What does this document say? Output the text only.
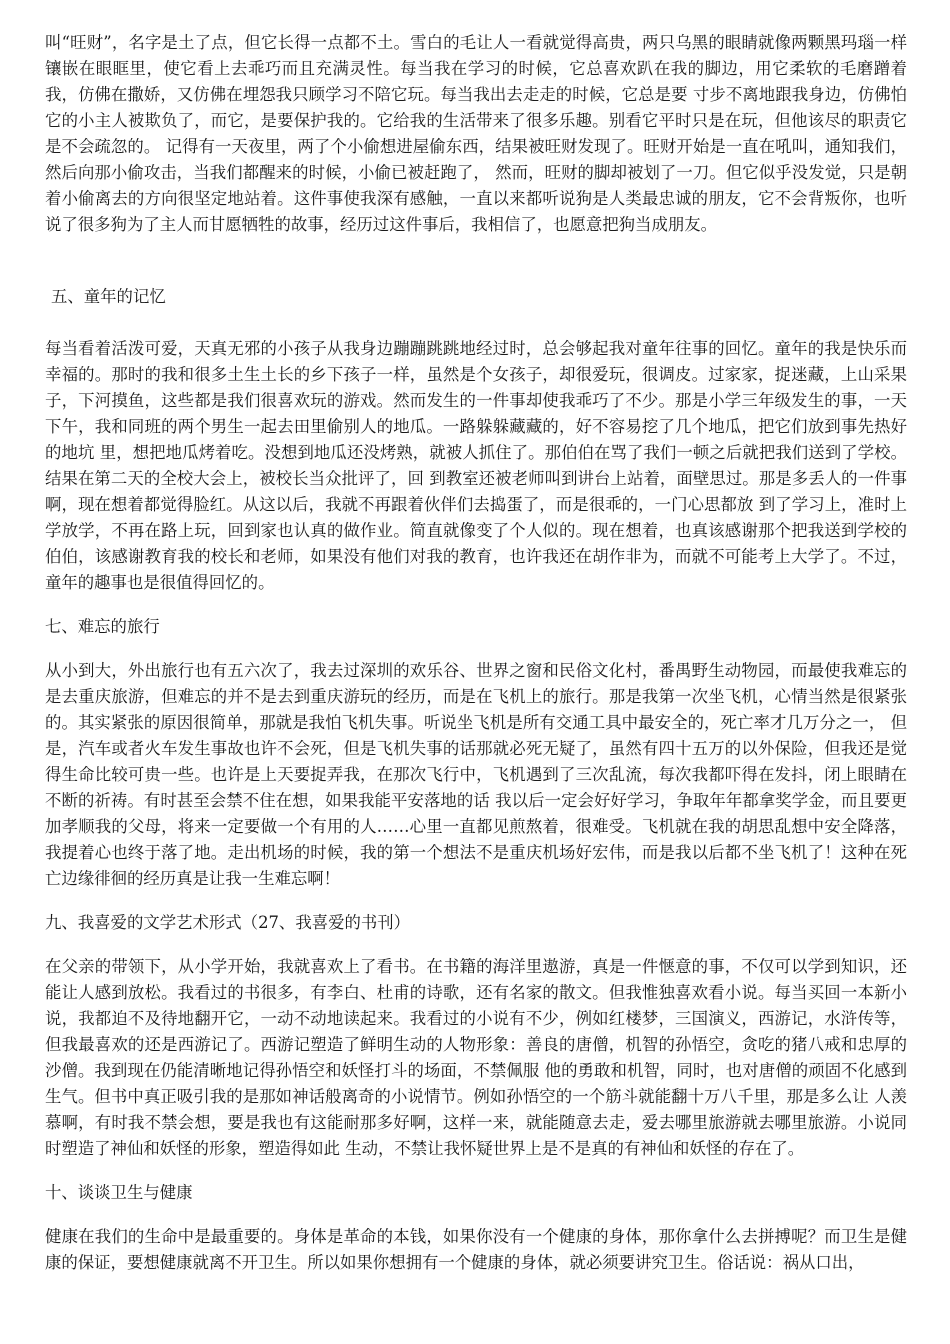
叫“旺财”，名字是土了点，但它长得一点都不土。雪白的毛让人一看就觉得高贵，两只乌黑的眼睛就像两颗黑玛瑙一样镶嵌在眼眶里，使它看上去乖巧而且充满灵性。每当我在学习的时候，它总喜欢趴在我的脚边，用它柔软的毛磨蹭着我，仿佛在撒娇，又仿佛在埋怨我只顾学习不陪它玩。每当我出去走走的时候，它总是要 寸步不离地跟我身边，仿佛怕它的小主人被欺负了，而它，是要保护我的。它给我的生活带来了很多乐趣。别看它平时只是在玩，但他该尽的职责它是不会疏忽的。 记得有一天夜里，两了个小偷想进屋偷东西，结果被旺财发现了。旺财开始是一直在吼叫，通知我们，然后向那小偷攻击，当我们都醒来的时候，小偷已被赶跑了， 然而，旺财的脚却被划了一刀。但它似乎没发觉，只是朝着小偷离去的方向很坚定地站着。这件事使我深有感触，一直以来都听说狗是人类最忠诚的朋友，它不会背叛你，也听说了很多狗为了主人而甘愿牺牲的故事，经历过这件事后，我相信了，也愿意把狗当成朋友。

五、童年的记忆

每当看着活泼可爱，天真无邪的小孩子从我身边蹦蹦跳跳地经过时，总会够起我对童年往事的回忆。童年的我是快乐而幸福的。那时的我和很多土生土长的乡下孩子一样，虽然是个女孩子，却很爱玩，很调皮。过家家，捉迷藏，上山采果子，下河摸鱼，这些都是我们很喜欢玩的游戏。然而发生的一件事却使我乖巧了不少。那是小学三年级发生的事，一天下午，我和同班的两个男生一起去田里偷别人的地瓜。一路躲躲藏藏的，好不容易挖了几个地瓜，把它们放到事先热好的地坑 里，想把地瓜烤着吃。没想到地瓜还没烤熟，就被人抓住了。那伯伯在骂了我们一顿之后就把我们送到了学校。结果在第二天的全校大会上，被校长当众批评了，回 到教室还被老师叫到讲台上站着，面壁思过。那是多丢人的一件事啊，现在想着都觉得脸红。从这以后，我就不再跟着伙伴们去捣蛋了，而是很乖的，一门心思都放 到了学习上，准时上学放学，不再在路上玩，回到家也认真的做作业。简直就像变了个人似的。现在想着，也真该感谢那个把我送到学校的伯伯，该感谢教育我的校长和老师，如果没有他们对我的教育，也许我还在胡作非为，而就不可能考上大学了。不过，童年的趣事也是很值得回忆的。

七、难忘的旅行

从小到大，外出旅行也有五六次了，我去过深圳的欢乐谷、世界之窗和民俗文化村，番禺野生动物园，而最使我难忘的是去重庆旅游，但难忘的并不是去到重庆游玩的经历，而是在飞机上的旅行。那是我第一次坐飞机，心情当然是很紧张的。其实紧张的原因很简单，那就是我怕飞机失事。听说坐飞机是所有交通工具中最安全的，死亡率才几万分之一， 但是，汽车或者火车发生事故也许不会死，但是飞机失事的话那就必死无疑了，虽然有四十五万的以外保险，但我还是觉得生命比较可贵一些。也许是上天要捉弄我，在那次飞行中，飞机遇到了三次乱流，每次我都吓得在发抖，闭上眼睛在不断的祈祷。有时甚至会禁不住在想，如果我能平安落地的话 我以后一定会好好学习，争取年年都拿奖学金，而且要更加孝顺我的父母，将来一定要做一个有用的人……心里一直都见煎熬着，很难受。飞机就在我的胡思乱想中安全降落，我提着心也终于落了地。走出机场的时候，我的第一个想法不是重庆机场好宏伟，而是我以后都不坐飞机了！这种在死亡边缘徘徊的经历真是让我一生难忘啊！

九、我喜爱的文学艺术形式（27、我喜爱的书刊）

在父亲的带领下，从小学开始，我就喜欢上了看书。在书籍的海洋里遨游，真是一件惬意的事，不仅可以学到知识，还能让人感到放松。我看过的书很多，有李白、杜甫的诗歌，还有名家的散文。但我惟独喜欢看小说。每当买回一本新小说，我都迫不及待地翻开它，一动不动地读起来。我看过的小说有不少，例如红楼梦，三国演义，西游记，水浒传等，但我最喜欢的还是西游记了。西游记塑造了鲜明生动的人物形象：善良的唐僧，机智的孙悟空，贪吃的猪八戒和忠厚的沙僧。我到现在仍能清晰地记得孙悟空和妖怪打斗的场面，不禁佩服 他的勇敢和机智，同时，也对唐僧的顽固不化感到生气。但书中真正吸引我的是那如神话般离奇的小说情节。例如孙悟空的一个筋斗就能翻十万八千里，那是多么让 人羡慕啊，有时我不禁会想，要是我也有这能耐那多好啊，这样一来，就能随意去走，爱去哪里旅游就去哪里旅游。小说同时塑造了神仙和妖怪的形象，塑造得如此 生动，不禁让我怀疑世界上是不是真的有神仙和妖怪的存在了。

十、谈谈卫生与健康

健康在我们的生命中是最重要的。身体是革命的本钱，如果你没有一个健康的身体，那你拿什么去拼搏呢？而卫生是健康的保证，要想健康就离不开卫生。所以如果你想拥有一个健康的身体，就必须要讲究卫生。俗话说：祸从口出，
